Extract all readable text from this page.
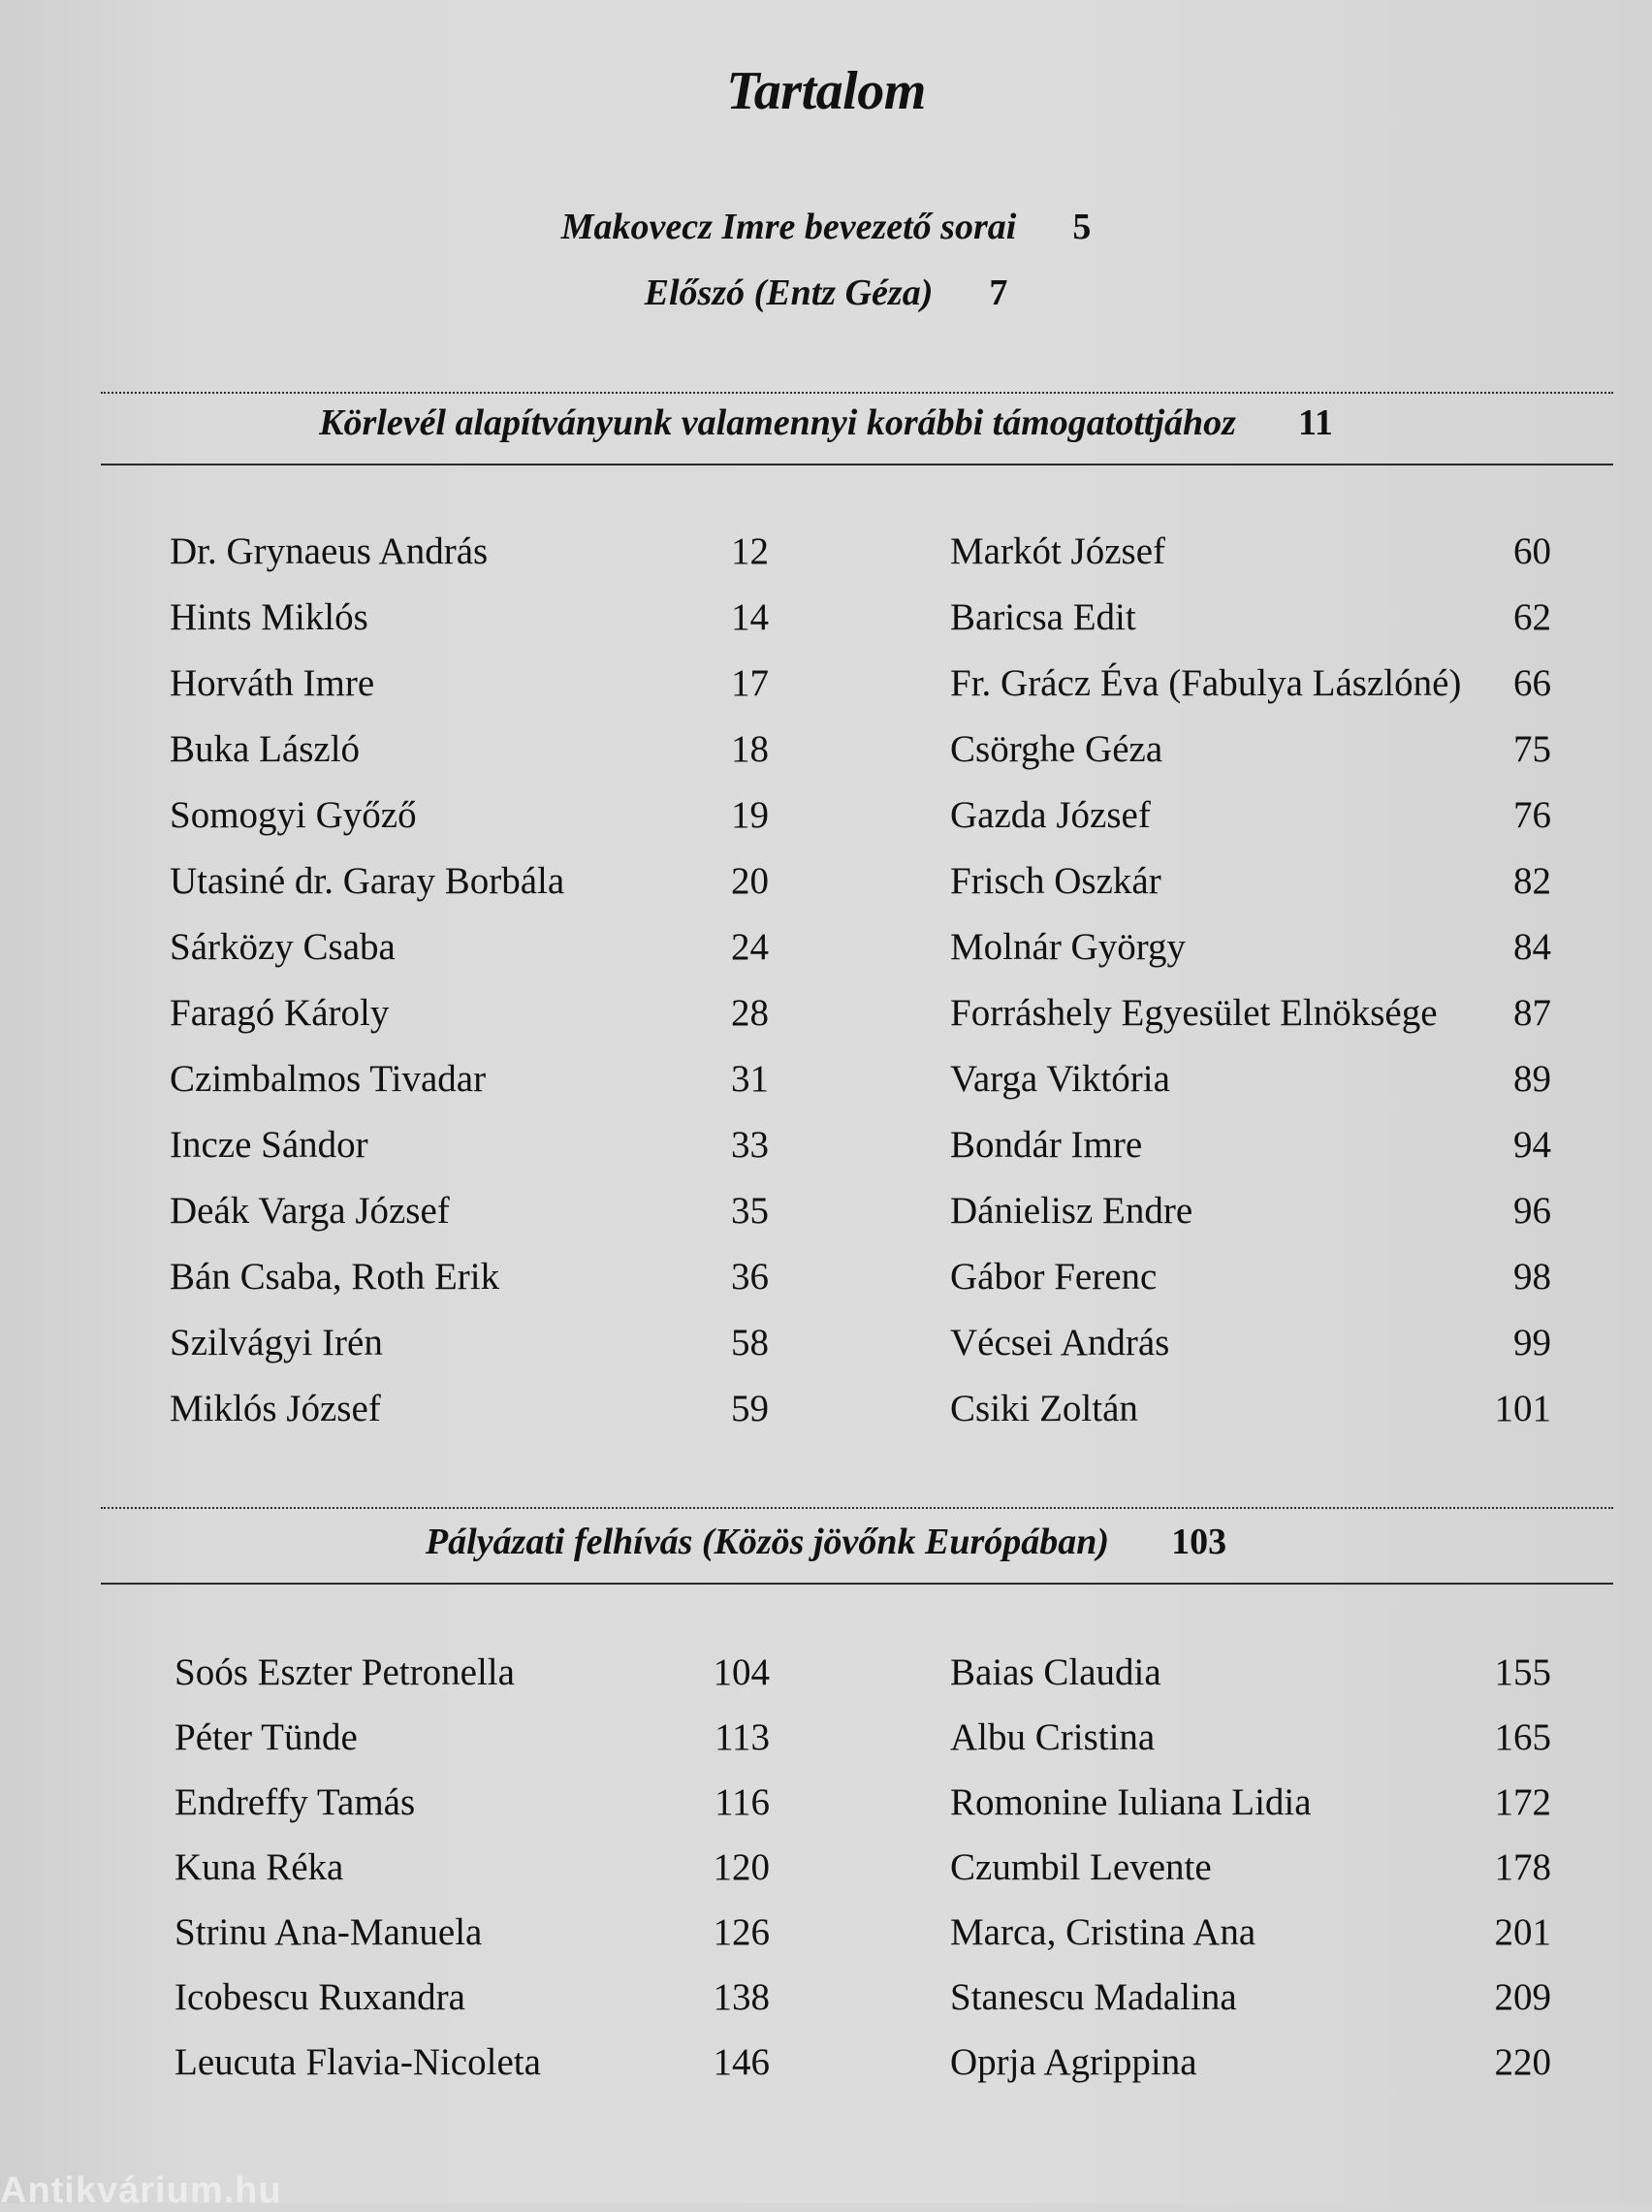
Tartalom
Makovecz Imre bevezető sorai 5
Előszó (Entz Géza) 7
Körlevél alapítványunk valamennyi korábbi támogatottjához 11
Dr. Grynaeus András	12
Hints Miklós	14
Horváth Imre	17
Buka László	18
Somogyi Győző	19
Utasiné dr. Garay Borbála	20
Sárközy Csaba	24
Faragó Károly	28
Czimbalmos Tivadar	31
Incze Sándor	33
Deák Varga József	35
Bán Csaba, Roth Erik	36
Szilvágyi Irén	58
Miklós József	59
Markót József	60
Baricsa Edit	62
Fr. Grácz Éva (Fabulya Lászlóné) 66
Csörghe Géza	75
Gazda József	76
Frisch Oszkár	82
Molnár György	84
Forráshely Egyesület Elnöksége 87
Varga Viktória	89
Bondár Imre	94
Dánielisz Endre	96
Gábor Ferenc	98
Vécsei András	99
Csiki Zoltán	101
Pályázati felhívás (Közös jövőnk Európában) 103
Soós Eszter Petronella	104
Péter Tünde	113
Endreffy Tamás	116
Kuna Réka	120
Strinu Ana-Manuela	126
Icobescu Ruxandra	138
Leucuta Flavia-Nicoleta	146
Baias Claudia	155
Albu Cristina	165
Romonine Iuliana Lidia	172
Czumbil Levente	178
Marca, Cristina Ana	201
Stanescu Madalina	209
Oprja Agrippina	220
Antikvárium.hu
